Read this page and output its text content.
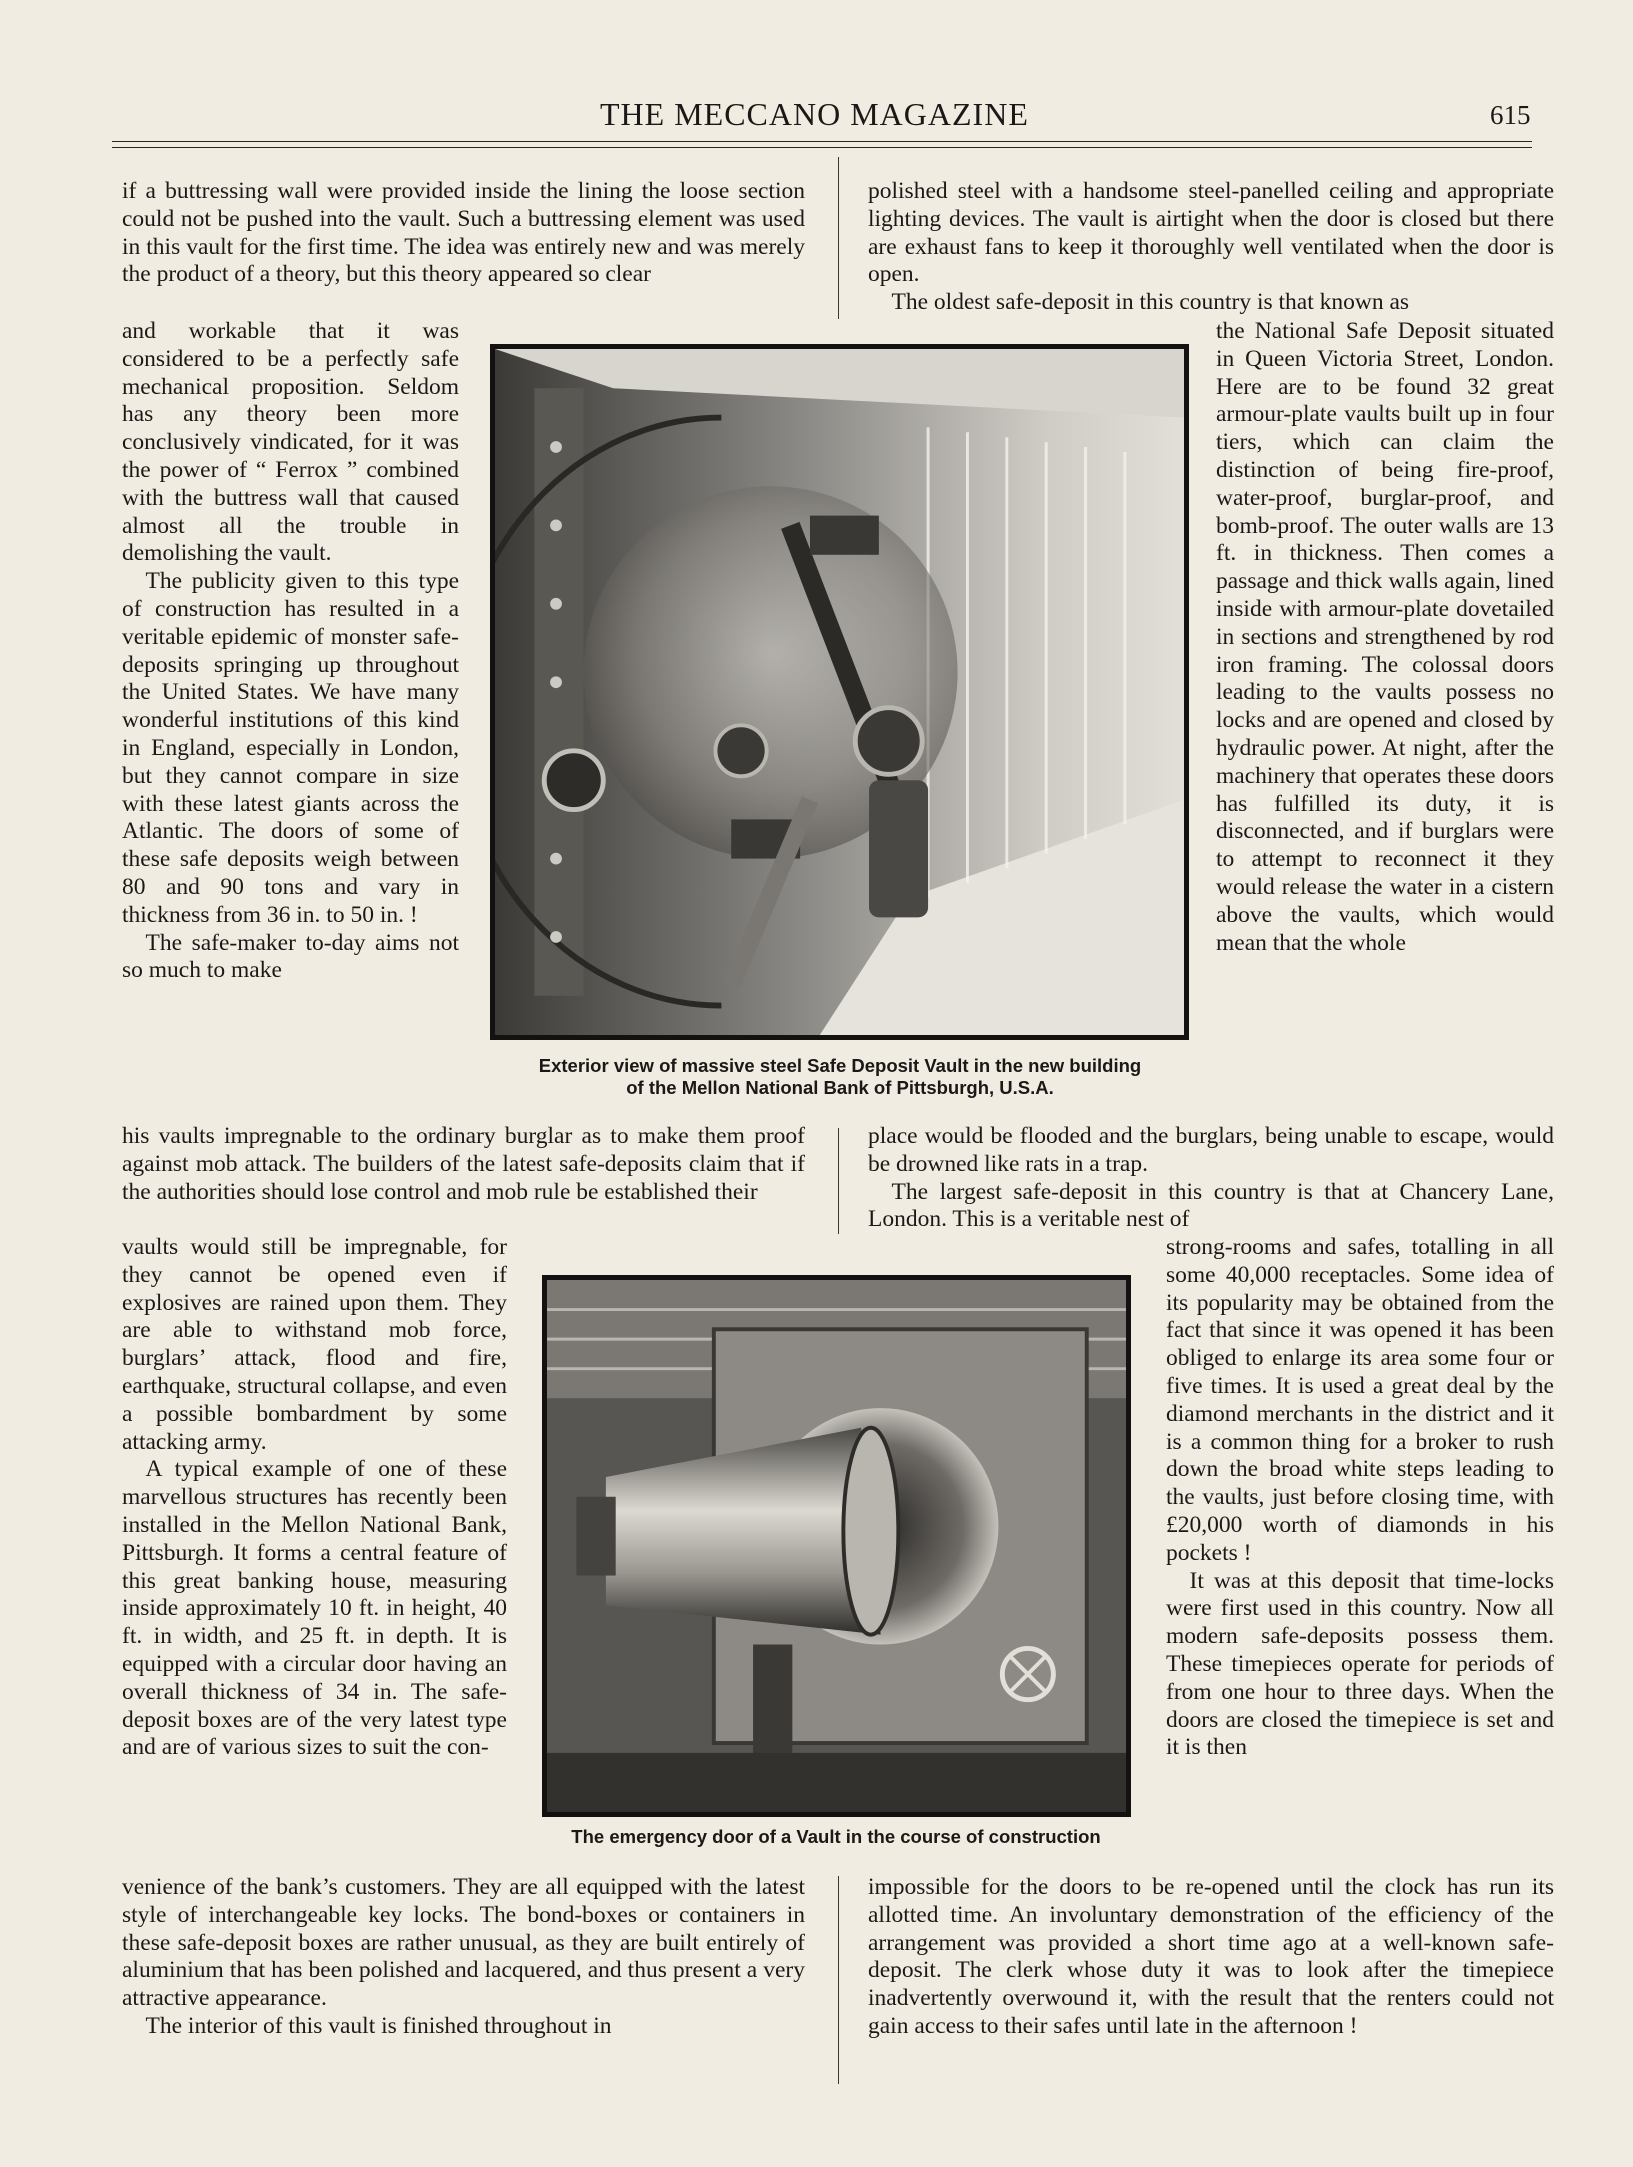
THE MECCANO MAGAZINE	615

if a buttressing wall were provided inside the lining the loose section could not be pushed into the vault. Such a buttressing element was used in this vault for the first time. The idea was entirely new and was merely the product of a theory, but this theory appeared so clear

and workable that it was considered to be a perfectly safe mechanical proposition. Seldom has any theory been more conclusively vindicated, for it was the power of “ Ferrox ” combined with the buttress wall that caused almost all the trouble in demolishing the vault.
 The publicity given to this type of construction has resulted in a veritable epidemic of monster safe-deposits springing up throughout the United States. We have many wonderful institutions of this kind in England, especially in London, but they cannot compare in size with these latest giants across the Atlantic. The doors of some of these safe deposits weigh between 80 and 90 tons and vary in thickness from 36 in. to 50 in. !
 The safe-maker to-day aims not so much to make

his vaults impregnable to the ordinary burglar as to make them proof against mob attack. The builders of the latest safe-deposits claim that if the authorities should lose control and mob rule be established their

vaults would still be impregnable, for they cannot be opened even if explosives are rained upon them. They are able to withstand mob force, burglars’ attack, flood and fire, earthquake, structural collapse, and even a possible bombardment by some attacking army.
 A typical example of one of these marvellous structures has recently been installed in the Mellon National Bank, Pittsburgh. It forms a central feature of this great banking house, measuring inside approximately 10 ft. in height, 40 ft. in width, and 25 ft. in depth. It is equipped with a circular door having an overall thickness of 34 in. The safe-deposit boxes are of the very latest type and are of various sizes to suit the con-

venience of the bank’s customers. They are all equipped with the latest style of interchangeable key locks. The bond-boxes or containers in these safe-deposit boxes are rather unusual, as they are built entirely of aluminium that has been polished and lacquered, and thus present a very attractive appearance.
 The interior of this vault is finished throughout in

polished steel with a handsome steel-panelled ceiling and appropriate lighting devices. The vault is airtight when the door is closed but there are exhaust fans to keep it thoroughly well ventilated when the door is open.
 The oldest safe-deposit in this country is that known as

the National Safe Deposit situated in Queen Victoria Street, London. Here are to be found 32 great armour-plate vaults built up in four tiers, which can claim the distinction of being fire-proof, water-proof, burglar-proof, and bomb-proof. The outer walls are 13 ft. in thickness. Then comes a passage and thick walls again, lined inside with armour-plate dovetailed in sections and strengthened by rod iron framing. The colossal doors leading to the vaults possess no locks and are opened and closed by hydraulic power. At night, after the machinery that operates these doors has fulfilled its duty, it is disconnected, and if burglars were to attempt to reconnect it they would release the water in a cistern above the vaults, which would mean that the whole

place would be flooded and the burglars, being unable to escape, would be drowned like rats in a trap.
 The largest safe-deposit in this country is that at Chancery Lane, London. This is a veritable nest of

strong-rooms and safes, totalling in all some 40,000 receptacles. Some idea of its popularity may be obtained from the fact that since it was opened it has been obliged to enlarge its area some four or five times. It is used a great deal by the diamond merchants in the district and it is a common thing for a broker to rush down the broad white steps leading to the vaults, just before closing time, with £20,000 worth of diamonds in his pockets !
 It was at this deposit that time-locks were first used in this country. Now all modern safe-deposits possess them. These timepieces operate for periods of from one hour to three days. When the doors are closed the timepiece is set and it is then

impossible for the doors to be re-opened until the clock has run its allotted time. An involuntary demonstration of the efficiency of the arrangement was provided a short time ago at a well-known safe-deposit. The clerk whose duty it was to look after the timepiece inadvertently overwound it, with the result that the renters could not gain access to their safes until late in the afternoon !

Exterior view of massive steel Safe Deposit Vault in the new building
of the Mellon National Bank of Pittsburgh, U.S.A.

The emergency door of a Vault in the course of construction
